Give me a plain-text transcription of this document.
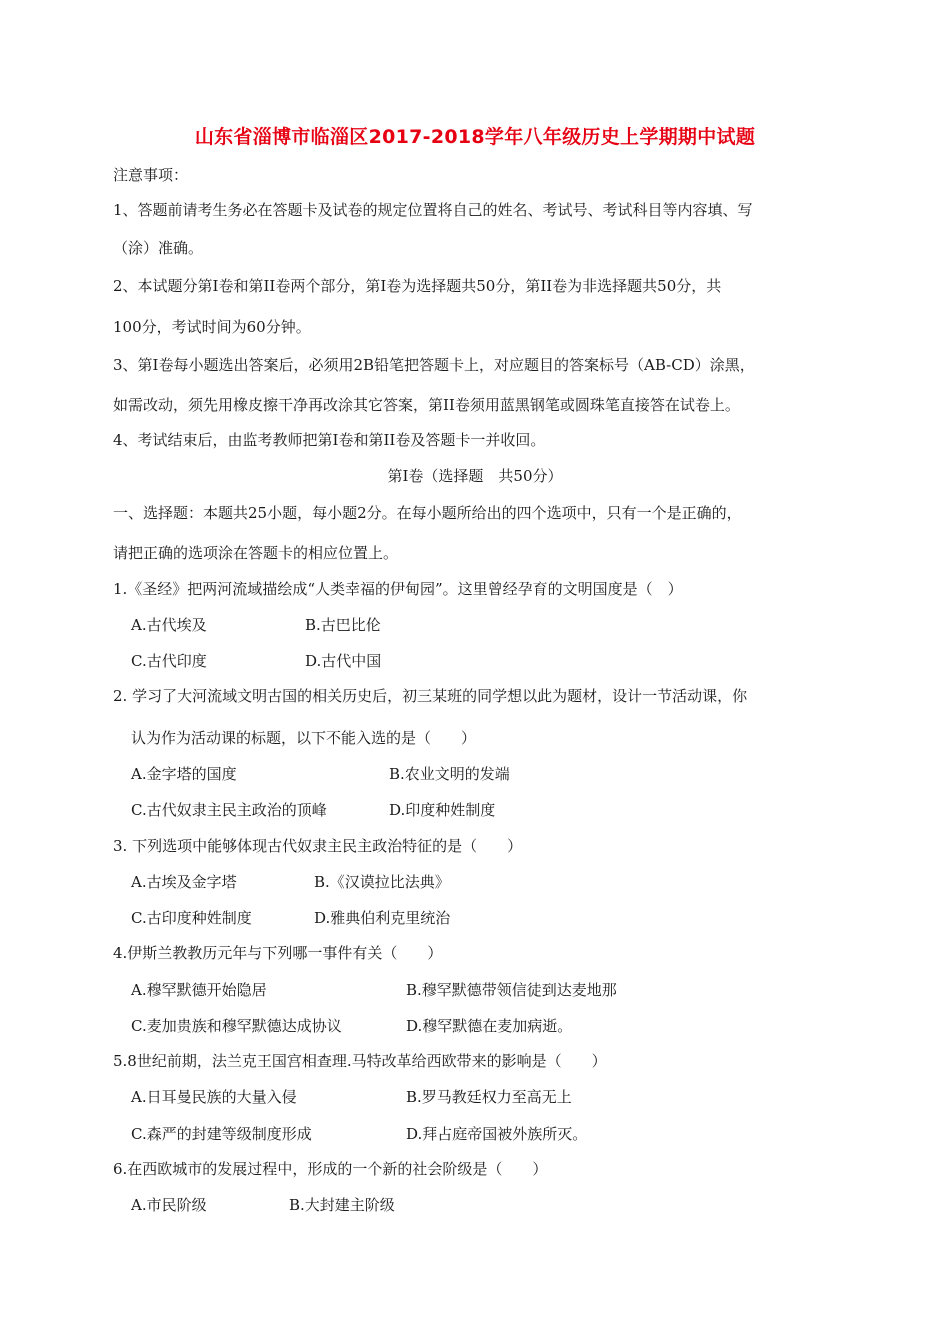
山东省淄博市临淄区2017-2018学年八年级历史上学期期中试题
注意事项：
1、答题前请考生务必在答题卡及试卷的规定位置将自己的姓名、考试号、考试科目等内容填、写
（涂）准确。
2、本试题分第Ⅰ卷和第II卷两个部分，第Ⅰ卷为选择题共50分，第II卷为非选择题共50分，共
100分，考试时间为60分钟。
3、第Ⅰ卷每小题选出答案后，必须用2B铅笔把答题卡上，对应题目的答案标号（AB-CD）涂黑，
如需改动，须先用橡皮擦干净再改涂其它答案，第II卷须用蓝黑钢笔或圆珠笔直接答在试卷上。
4、考试结束后，由监考教师把第Ⅰ卷和第II卷及答题卡一并收回。
第Ⅰ卷（选择题　共50分）
一、选择题：本题共25小题，每小题2分。在每小题所给出的四个选项中，只有一个是正确的，
请把正确的选项涂在答题卡的相应位置上。
1.《圣经》把两河流域描绘成“人类幸福的伊甸园”。这里曾经孕育的文明国度是（　）
A.古代埃及	B.古巴比伦
C.古代印度	D.古代中国
2. 学习了大河流域文明古国的相关历史后，初三某班的同学想以此为题材，设计一节活动课，你
认为作为活动课的标题，以下不能入选的是（　　）
A.金字塔的国度	B.农业文明的发端
C.古代奴隶主民主政治的顶峰	D.印度种姓制度
3. 下列选项中能够体现古代奴隶主民主政治特征的是（　　）
A.古埃及金字塔	B.《汉谟拉比法典》
C.古印度种姓制度	D.雅典伯利克里统治
4.伊斯兰教教历元年与下列哪一事件有关（　　）
A.穆罕默德开始隐居	B.穆罕默德带领信徒到达麦地那
C.麦加贵族和穆罕默德达成协议	D.穆罕默德在麦加病逝。
5.8世纪前期，法兰克王国宫相查理.马特改革给西欧带来的影响是（　　）
A.日耳曼民族的大量入侵	B.罗马教廷权力至高无上
C.森严的封建等级制度形成	D.拜占庭帝国被外族所灭。
6.在西欧城市的发展过程中，形成的一个新的社会阶级是（　　）
A.市民阶级	B.大封建主阶级
